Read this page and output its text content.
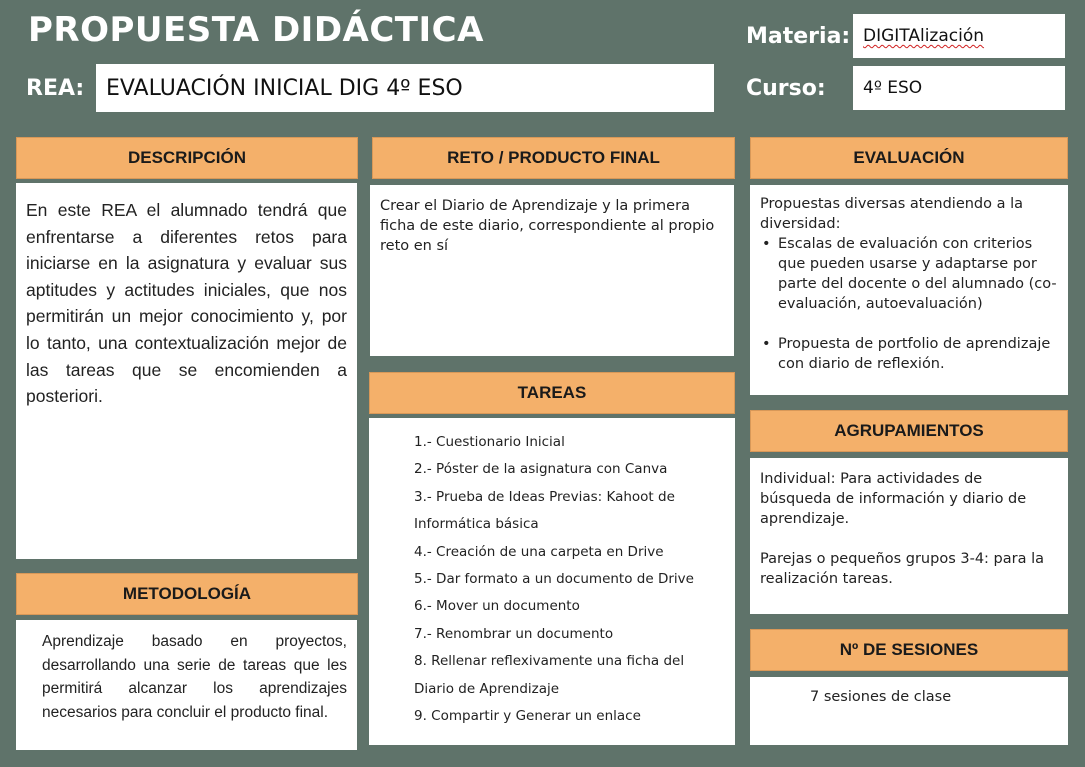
PROPUESTA DIDÁCTICA
REA: EVALUACIÓN INICIAL DIG 4º ESO
Materia: DIGITAlización
Curso:	4º ESO
DESCRIPCIÓN
En este REA el alumnado tendrá que enfrentarse a diferentes retos para iniciarse en la asignatura y evaluar sus aptitudes y actitudes iniciales, que nos permitirán un mejor conocimiento y, por lo tanto, una contextualización mejor de las tareas que se encomienden a posteriori.
METODOLOGÍA
Aprendizaje basado en proyectos, desarrollando una serie de tareas que les permitirá alcanzar los aprendizajes necesarios para concluir el producto final.
RETO / PRODUCTO FINAL
Crear el Diario de Aprendizaje y la primera ficha de este diario, correspondiente al propio reto en sí
TAREAS
1.- Cuestionario Inicial
2.- Póster de la asignatura con Canva
3.- Prueba de Ideas Previas: Kahoot de Informática básica
4.- Creación de una carpeta en Drive
5.- Dar formato a un documento de Drive
6.- Mover un documento
7.- Renombrar un documento
8. Rellenar reflexivamente una ficha del Diario de Aprendizaje
9. Compartir y Generar un enlace
EVALUACIÓN
Propuestas diversas atendiendo a la diversidad:
• Escalas de evaluación con criterios que pueden usarse y adaptarse por parte del docente o del alumnado (co-evaluación, autoevaluación)
• Propuesta de portfolio de aprendizaje con diario de reflexión.
AGRUPAMIENTOS
Individual: Para actividades de búsqueda de información y diario de aprendizaje.
Parejas o pequeños grupos 3-4: para la realización tareas.
Nº DE SESIONES
7 sesiones de clase
